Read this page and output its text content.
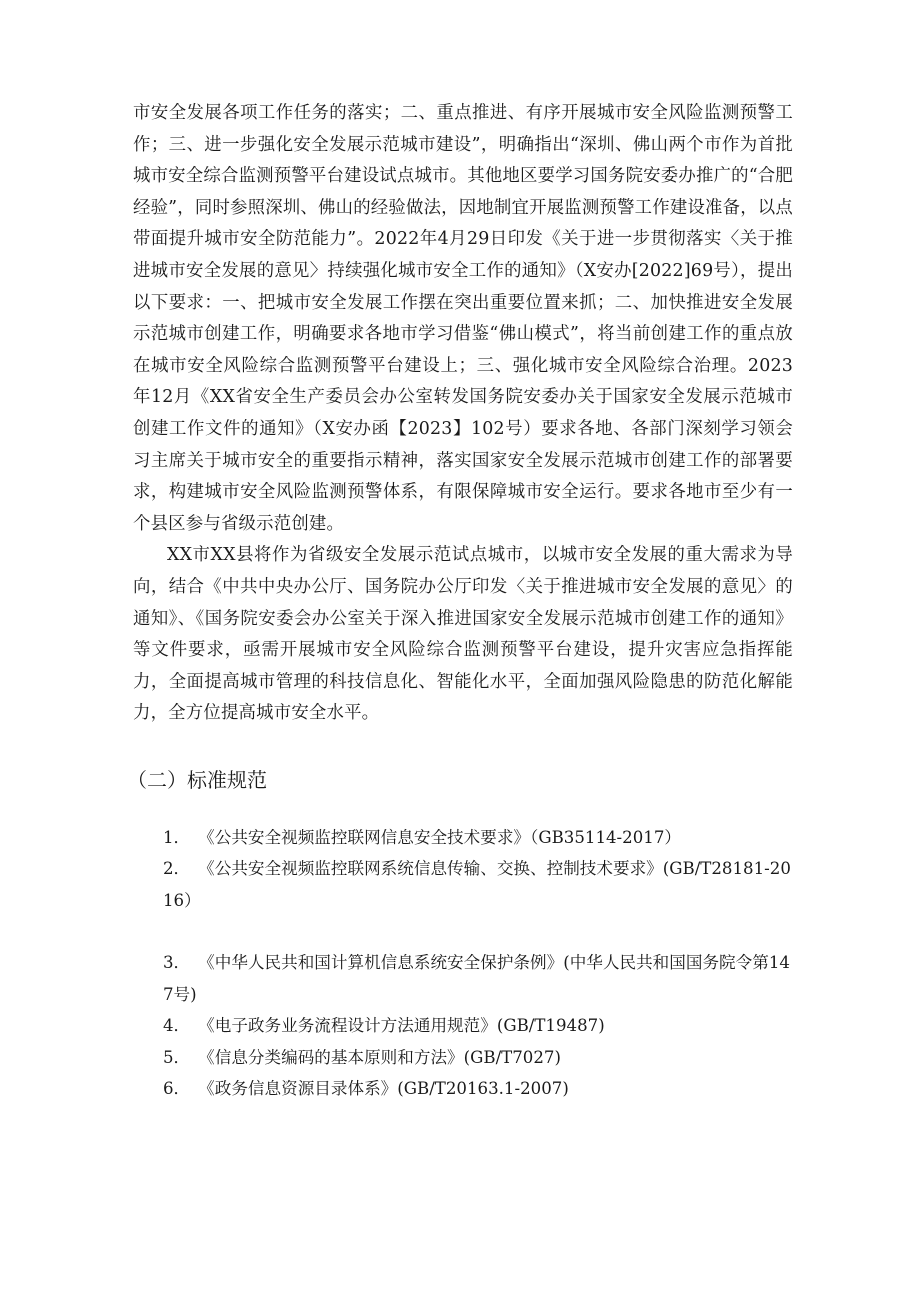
市安全发展各项工作任务的落实；二、重点推进、有序开展城市安全风险监测预警工作；三、进一步强化安全发展示范城市建设”，明确指出“深圳、佛山两个市作为首批城市安全综合监测预警平台建设试点城市。其他地区要学习国务院安委办推广的“合肥经验”，同时参照深圳、佛山的经验做法，因地制宜开展监测预警工作建设准备，以点带面提升城市安全防范能力”。2022年4月29日印发《关于进一步贯彻落实〈关于推进城市安全发展的意见〉持续强化城市安全工作的通知》（X安办[2022]69号），提出以下要求：一、把城市安全发展工作摆在突出重要位置来抓；二、加快推进安全发展示范城市创建工作，明确要求各地市学习借鉴“佛山模式”，将当前创建工作的重点放在城市安全风险综合监测预警平台建设上；三、强化城市安全风险综合治理。2023年12月《XX省安全生产委员会办公室转发国务院安委办关于国家安全发展示范城市创建工作文件的通知》（X安办函【2023】102号）要求各地、各部门深刻学习领会习主席关于城市安全的重要指示精神，落实国家安全发展示范城市创建工作的部署要求，构建城市安全风险监测预警体系，有限保障城市安全运行。要求各地市至少有一个县区参与省级示范创建。

XX市XX县将作为省级安全发展示范试点城市，以城市安全发展的重大需求为导向，结合《中共中央办公厅、国务院办公厅印发〈关于推进城市安全发展的意见〉的通知》、《国务院安委会办公室关于深入推进国家安全发展示范城市创建工作的通知》等文件要求，亟需开展城市安全风险综合监测预警平台建设，提升灾害应急指挥能力，全面提高城市管理的科技信息化、智能化水平，全面加强风险隐患的防范化解能力，全方位提高城市安全水平。

（二）标准规范
1． 《公共安全视频监控联网信息安全技术要求》（GB35114-2017）
2． 《公共安全视频监控联网系统信息传输、交换、控制技术要求》(GB/T28181-2016）
3． 《中华人民共和国计算机信息系统安全保护条例》(中华人民共和国国务院令第147号)
4． 《电子政务业务流程设计方法通用规范》(GB/T19487)
5． 《信息分类编码的基本原则和方法》(GB/T7027)
6． 《政务信息资源目录体系》(GB/T20163.1-2007)
